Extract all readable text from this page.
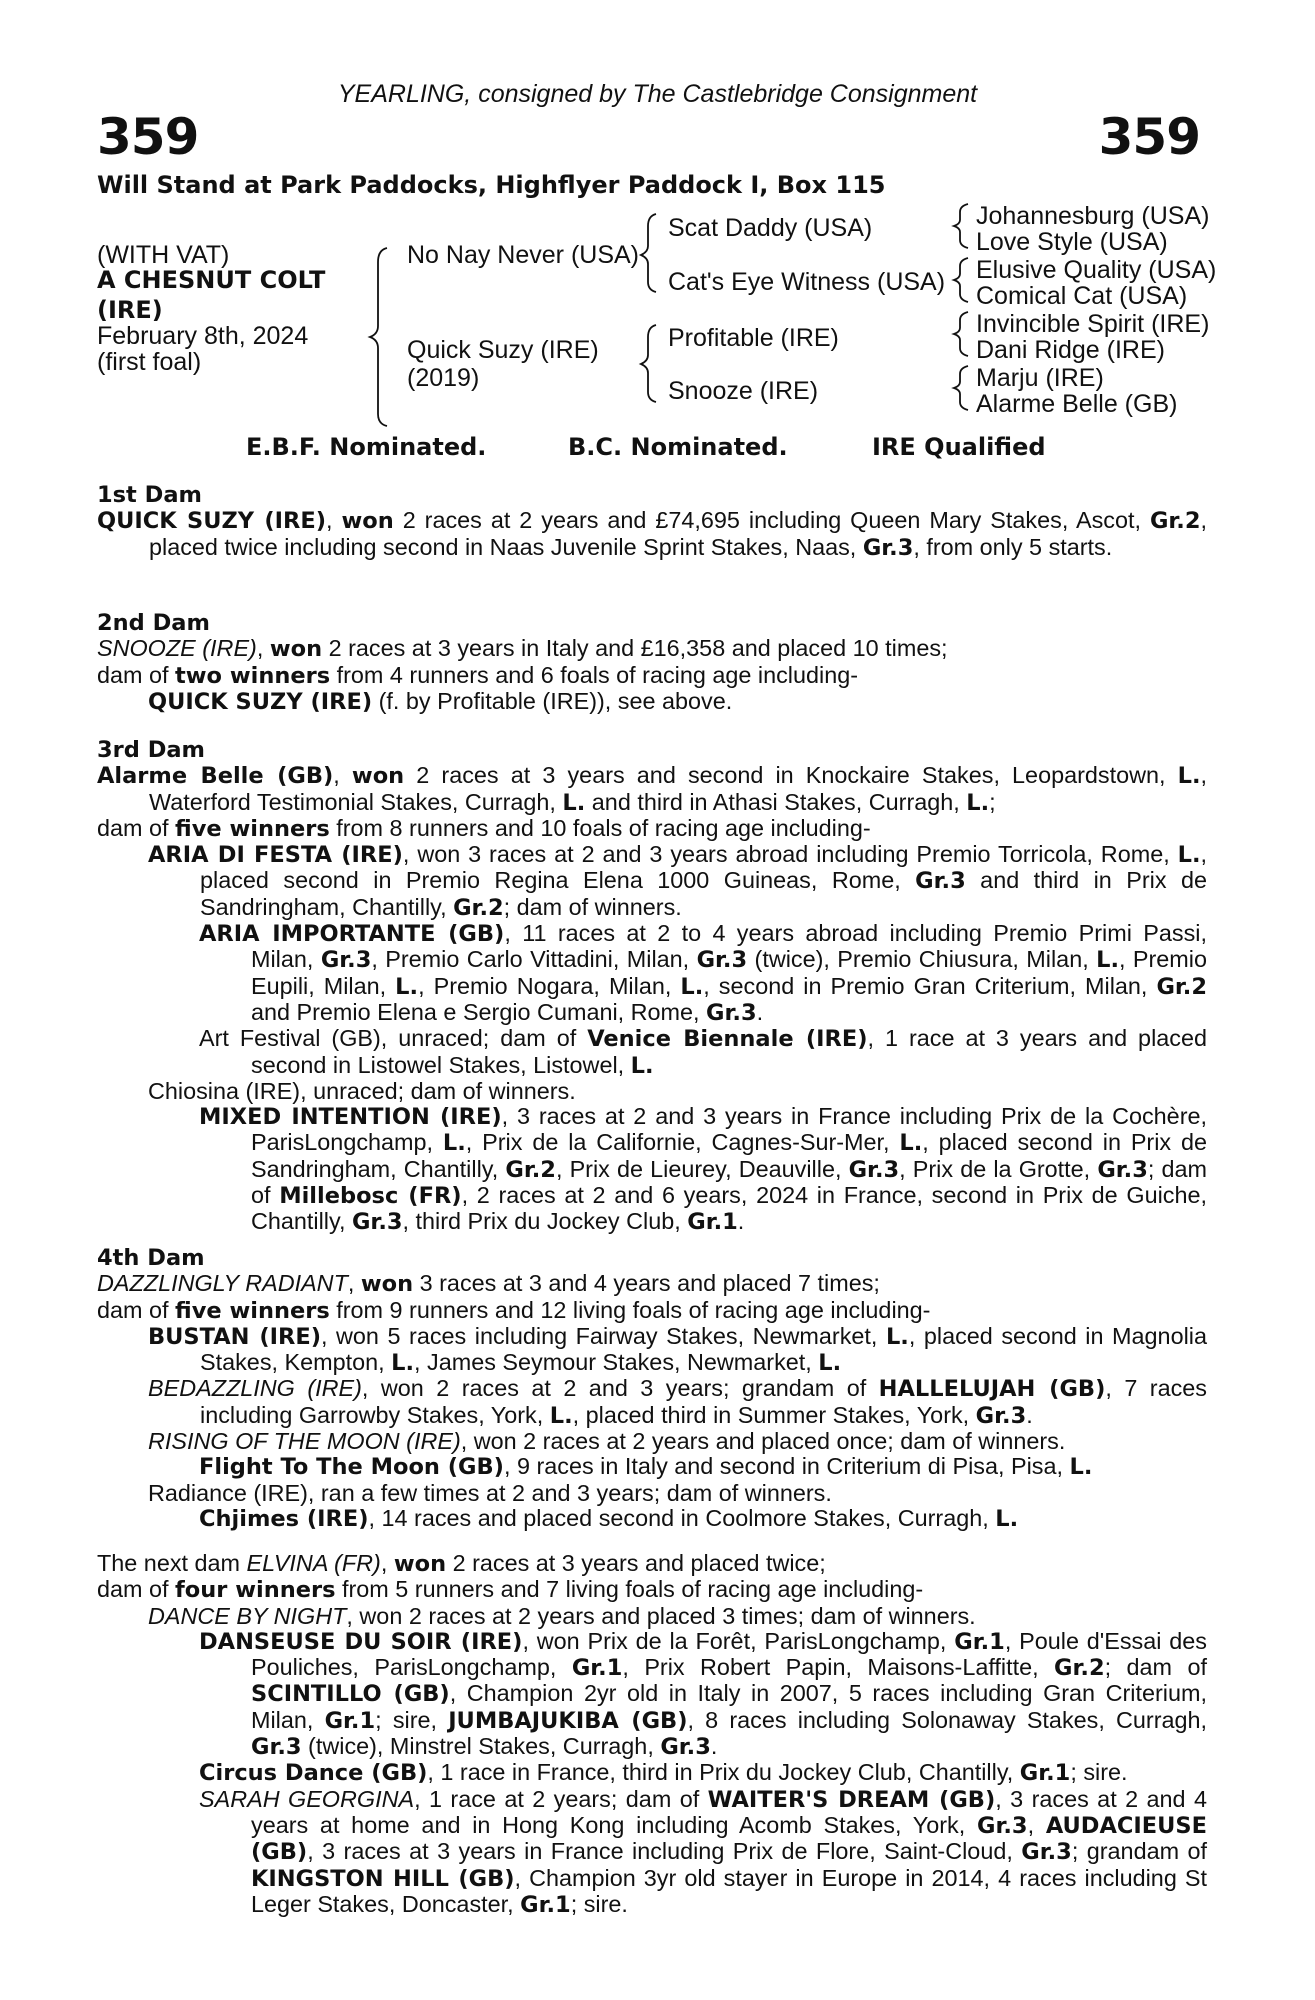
YEARLING, consigned by The Castlebridge Consignment
359	359
Will Stand at Park Paddocks, Highflyer Paddock I, Box 115
(WITH VAT)
A CHESNUT COLT
(IRE)
February 8th, 2024
(first foal)
No Nay Never (USA)
Quick Suzy (IRE)
(2019)
Scat Daddy (USA)
Cat's Eye Witness (USA)
Profitable (IRE)
Snooze (IRE)
Johannesburg (USA)
Love Style (USA)
Elusive Quality (USA)
Comical Cat (USA)
Invincible Spirit (IRE)
Dani Ridge (IRE)
Marju (IRE)
Alarme Belle (GB)
E.B.F. Nominated.	B.C. Nominated.	IRE Qualified

1st Dam

QUICK SUZY (IRE), won 2 races at 2 years and £74,695 including Queen Mary Stakes, Ascot, Gr.2, placed twice including second in Naas Juvenile Sprint Stakes, Naas, Gr.3, from only 5 starts.

2nd Dam

SNOOZE (IRE), won 2 races at 3 years in Italy and £16,358 and placed 10 times;

dam of two winners from 4 runners and 6 foals of racing age including-

QUICK SUZY (IRE) (f. by Profitable (IRE)), see above.

3rd Dam

Alarme Belle (GB), won 2 races at 3 years and second in Knockaire Stakes, Leopardstown, L., Waterford Testimonial Stakes, Curragh, L. and third in Athasi Stakes, Curragh, L.;

dam of five winners from 8 runners and 10 foals of racing age including-

ARIA DI FESTA (IRE), won 3 races at 2 and 3 years abroad including Premio Torricola, Rome, L., placed second in Premio Regina Elena 1000 Guineas, Rome, Gr.3 and third in Prix de Sandringham, Chantilly, Gr.2; dam of winners.

ARIA IMPORTANTE (GB), 11 races at 2 to 4 years abroad including Premio Primi Passi, Milan, Gr.3, Premio Carlo Vittadini, Milan, Gr.3 (twice), Premio Chiusura, Milan, L., Premio Eupili, Milan, L., Premio Nogara, Milan, L., second in Premio Gran Criterium, Milan, Gr.2 and Premio Elena e Sergio Cumani, Rome, Gr.3.

Art Festival (GB), unraced; dam of Venice Biennale (IRE), 1 race at 3 years and placed second in Listowel Stakes, Listowel, L.

Chiosina (IRE), unraced; dam of winners.

MIXED INTENTION (IRE), 3 races at 2 and 3 years in France including Prix de la Cochère, ParisLongchamp, L., Prix de la Californie, Cagnes-Sur-Mer, L., placed second in Prix de Sandringham, Chantilly, Gr.2, Prix de Lieurey, Deauville, Gr.3, Prix de la Grotte, Gr.3; dam of Millebosc (FR), 2 races at 2 and 6 years, 2024 in France, second in Prix de Guiche, Chantilly, Gr.3, third Prix du Jockey Club, Gr.1.

4th Dam

DAZZLINGLY RADIANT, won 3 races at 3 and 4 years and placed 7 times;

dam of five winners from 9 runners and 12 living foals of racing age including-

BUSTAN (IRE), won 5 races including Fairway Stakes, Newmarket, L., placed second in Magnolia Stakes, Kempton, L., James Seymour Stakes, Newmarket, L.

BEDAZZLING (IRE), won 2 races at 2 and 3 years; grandam of HALLELUJAH (GB), 7 races including Garrowby Stakes, York, L., placed third in Summer Stakes, York, Gr.3.

RISING OF THE MOON (IRE), won 2 races at 2 years and placed once; dam of winners.

Flight To The Moon (GB), 9 races in Italy and second in Criterium di Pisa, Pisa, L.

Radiance (IRE), ran a few times at 2 and 3 years; dam of winners.

Chjimes (IRE), 14 races and placed second in Coolmore Stakes, Curragh, L.

The next dam ELVINA (FR), won 2 races at 3 years and placed twice;

dam of four winners from 5 runners and 7 living foals of racing age including-

DANCE BY NIGHT, won 2 races at 2 years and placed 3 times; dam of winners.

DANSEUSE DU SOIR (IRE), won Prix de la Forêt, ParisLongchamp, Gr.1, Poule d'Essai des Pouliches, ParisLongchamp, Gr.1, Prix Robert Papin, Maisons-Laffitte, Gr.2; dam of SCINTILLO (GB), Champion 2yr old in Italy in 2007, 5 races including Gran Criterium, Milan, Gr.1; sire, JUMBAJUKIBA (GB), 8 races including Solonaway Stakes, Curragh, Gr.3 (twice), Minstrel Stakes, Curragh, Gr.3.

Circus Dance (GB), 1 race in France, third in Prix du Jockey Club, Chantilly, Gr.1; sire.

SARAH GEORGINA, 1 race at 2 years; dam of WAITER'S DREAM (GB), 3 races at 2 and 4 years at home and in Hong Kong including Acomb Stakes, York, Gr.3, AUDACIEUSE (GB), 3 races at 3 years in France including Prix de Flore, Saint-Cloud, Gr.3; grandam of KINGSTON HILL (GB), Champion 3yr old stayer in Europe in 2014, 4 races including St Leger Stakes, Doncaster, Gr.1; sire.
